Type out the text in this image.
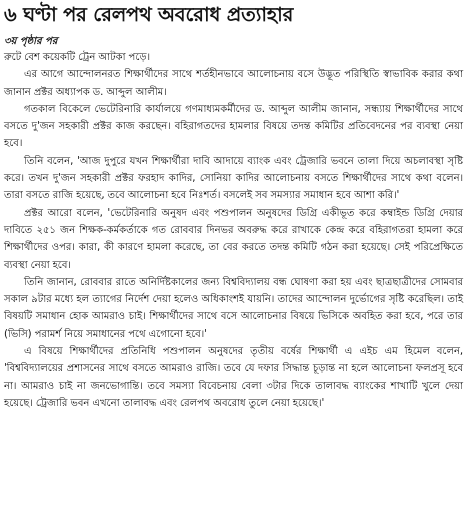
৬ ঘণ্টা পর রেলপথ অবরোধ প্রত্যাহার

৩য় পৃষ্ঠার পর

রুটে বেশ কয়েকটি ট্রেন আটকা পড়ে।

এর আগে আন্দোলনরত শিক্ষার্থীদের সাথে শর্তহীনভাবে আলোচনায় বসে উদ্ভূত পরিস্থিতি স্বাভাবিক করার কথা জানান প্রক্টর অধ্যাপক ড. আব্দুল আলীম।

গতকাল বিকেলে ভেটেরিনারি কার্যালয়ে গণমাধ্যমকর্মীদের ড. আব্দুল আলীম জানান, সন্ধ্যায় শিক্ষার্থীদের সাথে বসতে দু'জন সহকারী প্রক্টর কাজ করছেন। বহিরাগতদের হামলার বিষয়ে তদন্ত কমিটির প্রতিবেদনের পর ব্যবস্থা নেয়া হবে।

তিনি বলেন, 'আজ দুপুরে যখন শিক্ষার্থীরা দাবি আদায়ে ব্যাংক এবং ট্রেজারি ভবনে তালা দিয়ে অচলাবস্থা সৃষ্টি করে। তখন দু'জন সহকারী প্রক্টর ফরহাদ কাদির, সোনিয়া কাদির আলোচনায় বসতে শিক্ষার্থীদের সাথে কথা বলেন। তারা বসতে রাজি হয়েছে, তবে আলোচনা হবে নিঃশর্ত। বসলেই সব সমস্যার সমাধান হবে আশা করি।'

প্রক্টর আরো বলেন, 'ভেটেরিনারি অনুষদ এবং পশুপালন অনুষদের ডিগ্রি একীভূত করে কম্বাইন্ড ডিগ্রি দেয়ার দাবিতে ২৫১ জন শিক্ষক-কর্মকর্তাকে গত রোববার দিনভর অবরুদ্ধ করে রাখাকে কেন্দ্র করে বহিরাগতরা হামলা করে শিক্ষার্থীদের ওপর। কারা, কী কারণে হামলা করেছে, তা বের করতে তদন্ত কমিটি গঠন করা হয়েছে। সেই পরিপ্রেক্ষিতে ব্যবস্থা নেয়া হবে।

তিনি জানান, রোববার রাতে অনির্দিষ্টকালের জন্য বিশ্ববিদ্যালয় বন্ধ ঘোষণা করা হয় এবং ছাত্রছাত্রীদের সোমবার সকাল ৯টার মধ্যে হল ত্যাগের নির্দেশ দেয়া হলেও অধিকাংশই যায়নি। তাদের আন্দোলন দুর্ভোগের সৃষ্টি করেছিল। তাই বিষয়টি সমাধান হোক আমরাও চাই। শিক্ষার্থীদের সাথে বসে আলোচনার বিষয়ে ভিসিকে অবহিত করা হবে, পরে তার (ভিসি) পরামর্শ নিয়ে সমাধানের পথে এগোনো হবে।'

এ বিষয়ে শিক্ষার্থীদের প্রতিনিধি পশুপালন অনুষদের তৃতীয় বর্ষের শিক্ষার্থী এ এইচ এম হিমেল বলেন, 'বিশ্ববিদ্যালয়ের প্রশাসনের সাথে বসতে আমরাও রাজি। তবে যে দফার সিদ্ধান্ত চূড়ান্ত না হলে আলোচনা ফলপ্রসূ হবে না। আমরাও চাই না জনভোগান্তি। তবে সমস্যা বিবেচনায় বেলা ৩টার দিকে তালাবদ্ধ ব্যাংকের শাখাটি খুলে দেয়া হয়েছে। ট্রেজারি ভবন এখনো তালাবদ্ধ এবং রেলপথ অবরোধ তুলে নেয়া হয়েছে।'
